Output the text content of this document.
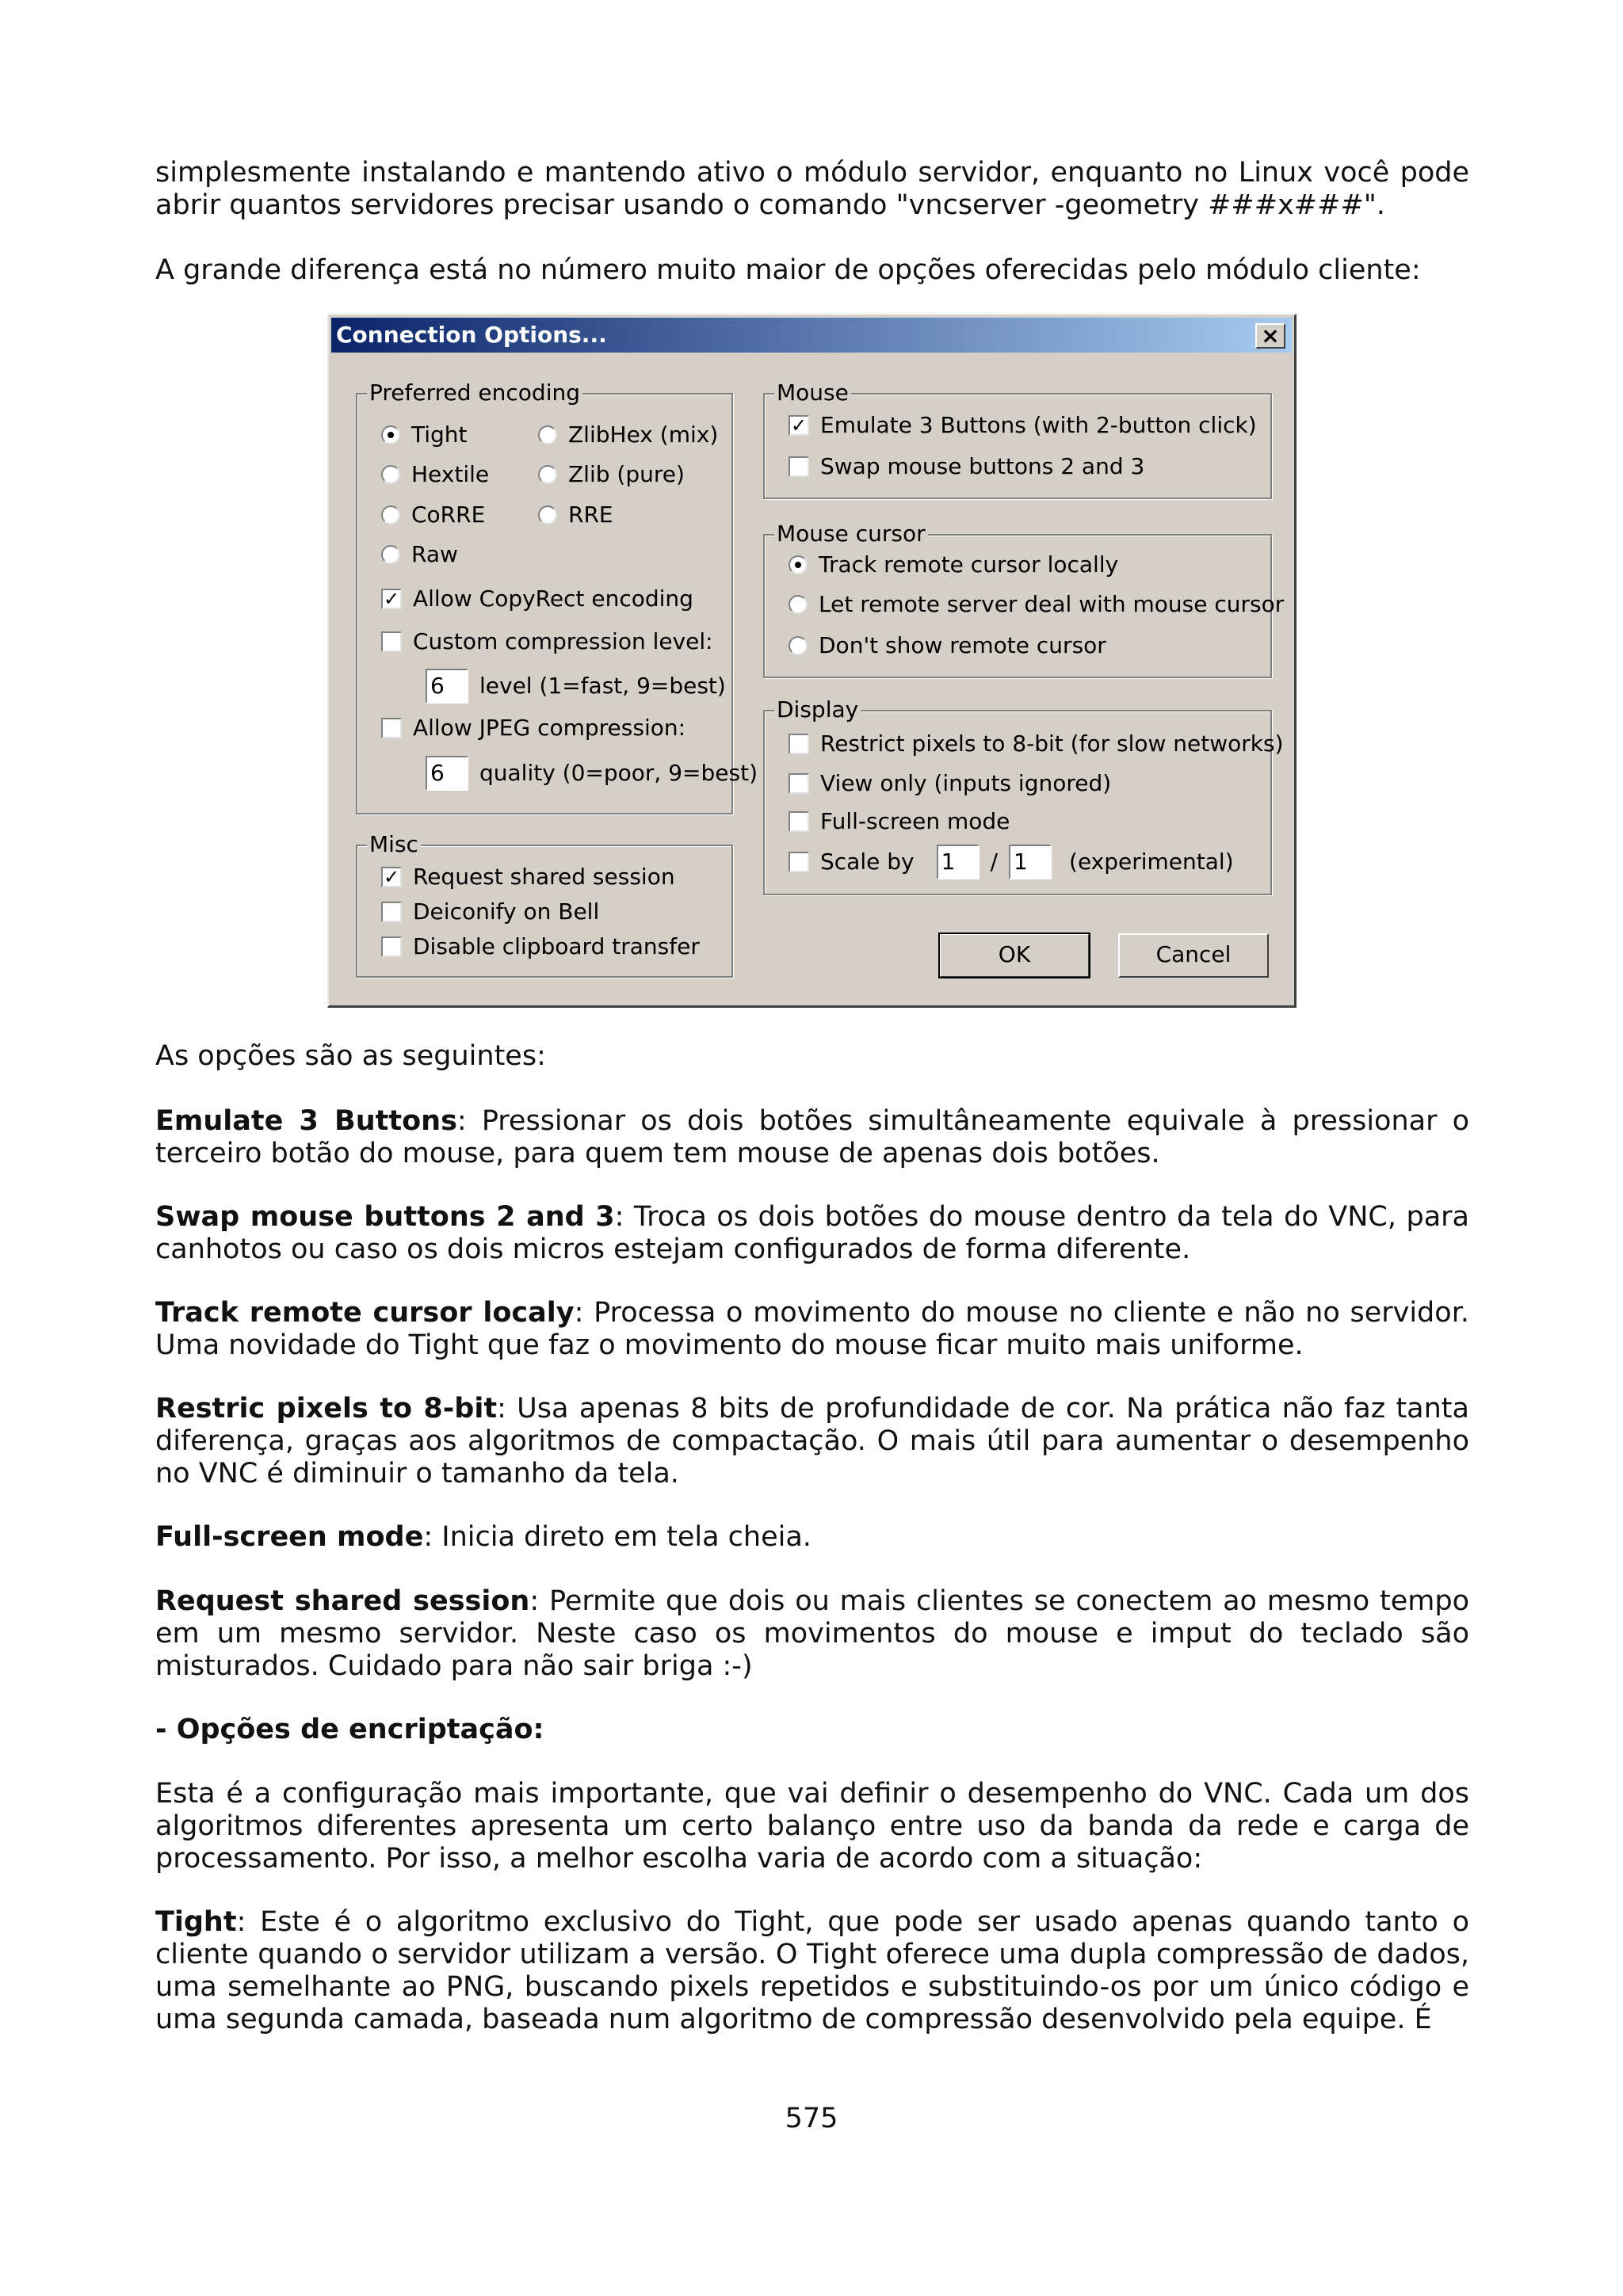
simplesmente instalando e mantendo ativo o módulo servidor, enquanto no Linux você pode abrir quantos servidores precisar usando o comando "vncserver -geometry ###x###".

A grande diferença está no número muito maior de opções oferecidas pelo módulo cliente:

Connection Options...	×
Preferred encoding
Tight	ZlibHex (mix)
Hextile	Zlib (pure)
CoRRE	RRE
Raw
✓ Allow CopyRect encoding
Custom compression level:
6	level (1=fast, 9=best)
Allow JPEG compression:
6	quality (0=poor, 9=best)
Misc
✓ Request shared session
Deiconify on Bell
Disable clipboard transfer
Mouse
✓ Emulate 3 Buttons (with 2-button click)
Swap mouse buttons 2 and 3
Mouse cursor
Track remote cursor locally
Let remote server deal with mouse cursor
Don't show remote cursor
Display
Restrict pixels to 8-bit (for slow networks)
View only (inputs ignored)
Full-screen mode
Scale by 1	/ 1	(experimental)
OK	Cancel

As opções são as seguintes:

Emulate 3 Buttons: Pressionar os dois botões simultâneamente equivale à pressionar o terceiro botão do mouse, para quem tem mouse de apenas dois botões.

Swap mouse buttons 2 and 3: Troca os dois botões do mouse dentro da tela do VNC, para canhotos ou caso os dois micros estejam configurados de forma diferente.

Track remote cursor localy: Processa o movimento do mouse no cliente e não no servidor. Uma novidade do Tight que faz o movimento do mouse ficar muito mais uniforme.

Restric pixels to 8-bit: Usa apenas 8 bits de profundidade de cor. Na prática não faz tanta diferença, graças aos algoritmos de compactação. O mais útil para aumentar o desempenho no VNC é diminuir o tamanho da tela.

Full-screen mode: Inicia direto em tela cheia.

Request shared session: Permite que dois ou mais clientes se conectem ao mesmo tempo em um mesmo servidor. Neste caso os movimentos do mouse e imput do teclado são misturados. Cuidado para não sair briga :-)

- Opções de encriptação:

Esta é a configuração mais importante, que vai definir o desempenho do VNC. Cada um dos algoritmos diferentes apresenta um certo balanço entre uso da banda da rede e carga de processamento. Por isso, a melhor escolha varia de acordo com a situação:

Tight: Este é o algoritmo exclusivo do Tight, que pode ser usado apenas quando tanto o cliente quando o servidor utilizam a versão. O Tight oferece uma dupla compressão de dados, uma semelhante ao PNG, buscando pixels repetidos e substituindo-os por um único código e uma segunda camada, baseada num algoritmo de compressão desenvolvido pela equipe. É

575
